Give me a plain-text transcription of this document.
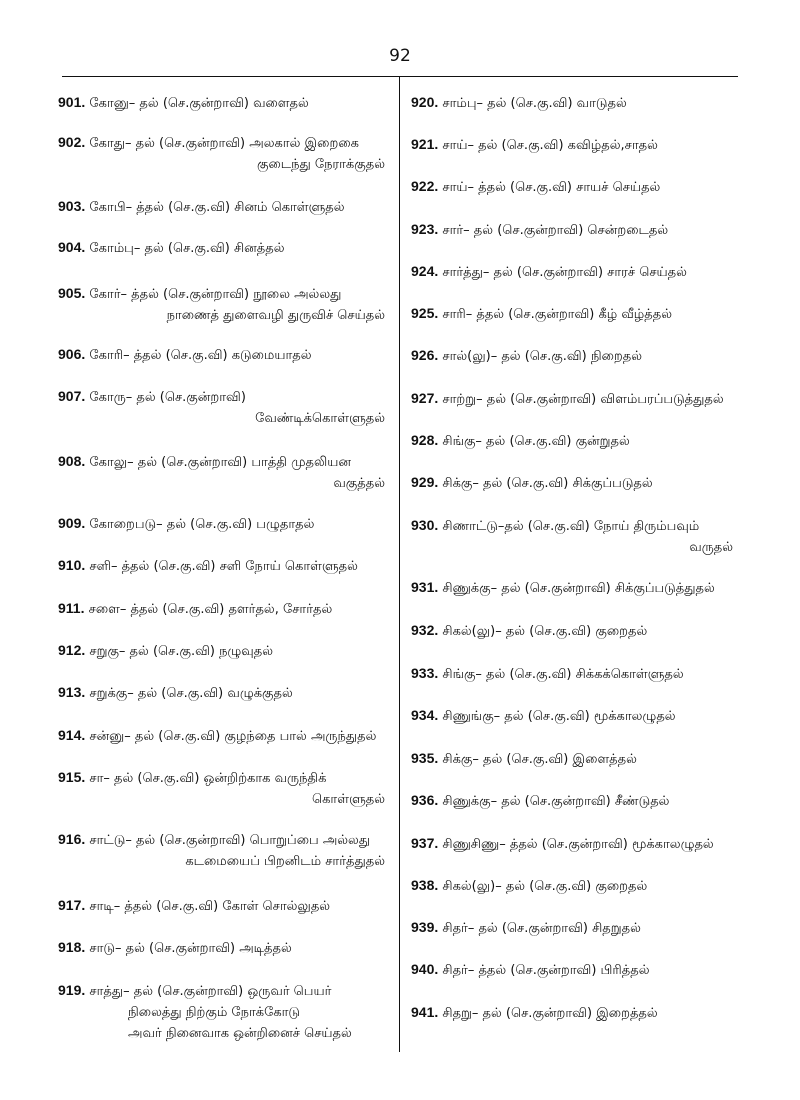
92
901. கோனு– தல் (செ.குன்றாவி) வளைதல்
902. கோது– தல் (செ.குன்றாவி) அலகால் இறைகை
குடைந்து நேராக்குதல்
903. கோபி– த்தல் (செ.கு.வி) சினம் கொள்ளுதல்
904. கோம்பு– தல் (செ.கு.வி) சினத்தல்
905. கோர்– த்தல் (செ.குன்றாவி) நூலை அல்லது
நாணைத் துளைவழி துருவிச் செய்தல்
906. கோரி– த்தல் (செ.கு.வி) கடுமையாதல்
907. கோரு– தல் (செ.குன்றாவி)
வேண்டிக்கொள்ளுதல்
908. கோலு– தல் (செ.குன்றாவி) பாத்தி முதலியன
வகுத்தல்
909. கோறைபடு– தல் (செ.கு.வி) பழுதாதல்
910. சளி– த்தல் (செ.கு.வி) சளி நோய் கொள்ளுதல்
911. சளை– த்தல் (செ.கு.வி) தளர்தல், சோர்தல்
912. சறுகு– தல் (செ.கு.வி) நழுவுதல்
913. சறுக்கு– தல் (செ.கு.வி) வழுக்குதல்
914. சன்னு– தல் (செ.கு.வி) குழந்தை பால் அருந்துதல்
915. சா– தல் (செ.கு.வி) ஒன்றிற்காக வருந்திக்
கொள்ளுதல்
916. சாட்டு– தல் (செ.குன்றாவி) பொறுப்பை அல்லது
கடமையைப் பிறனிடம் சார்த்துதல்
917. சாடி– த்தல் (செ.கு.வி) கோள் சொல்லுதல்
918. சாடு– தல் (செ.குன்றாவி) அடித்தல்
919. சாத்து– தல் (செ.குன்றாவி) ஒருவர் பெயர்
நிலைத்து நிற்கும் நோக்கோடு
அவர் நினைவாக ஒன்றினைச் செய்தல்
920. சாம்பு– தல் (செ.கு.வி) வாடுதல்
921. சாய்– தல் (செ.கு.வி) கவிழ்தல்,சாதல்
922. சாய்– த்தல் (செ.கு.வி) சாயச் செய்தல்
923. சார்– தல் (செ.குன்றாவி) சென்றடைதல்
924. சார்த்து– தல் (செ.குன்றாவி) சாரச் செய்தல்
925. சாரி– த்தல் (செ.குன்றாவி) கீழ் வீழ்த்தல்
926. சால்(லு)– தல் (செ.கு.வி) நிறைதல்
927. சாற்று– தல் (செ.குன்றாவி) விளம்பரப்படுத்துதல்
928. சிங்கு– தல் (செ.கு.வி) குன்றுதல்
929. சிக்கு– தல் (செ.கு.வி) சிக்குப்படுதல்
930. சிணாட்டு–தல் (செ.கு.வி) நோய் திரும்பவும்
வருதல்
931. சிணுக்கு– தல் (செ.குன்றாவி) சிக்குப்படுத்துதல்
932. சிகல்(லு)– தல் (செ.கு.வி) குறைதல்
933. சிங்கு– தல் (செ.கு.வி) சிக்கக்கொள்ளுதல்
934. சிணுங்கு– தல் (செ.கு.வி) மூக்காலழுதல்
935. சிக்கு– தல் (செ.கு.வி) இளைத்தல்
936. சிணுக்கு– தல் (செ.குன்றாவி) சீண்டுதல்
937. சிணுசிணு– த்தல் (செ.குன்றாவி) மூக்காலழுதல்
938. சிகல்(லு)– தல் (செ.கு.வி) குறைதல்
939. சிதர்– தல் (செ.குன்றாவி) சிதறுதல்
940. சிதர்– த்தல் (செ.குன்றாவி) பிரித்தல்
941. சிதறு– தல் (செ.குன்றாவி) இறைத்தல்
